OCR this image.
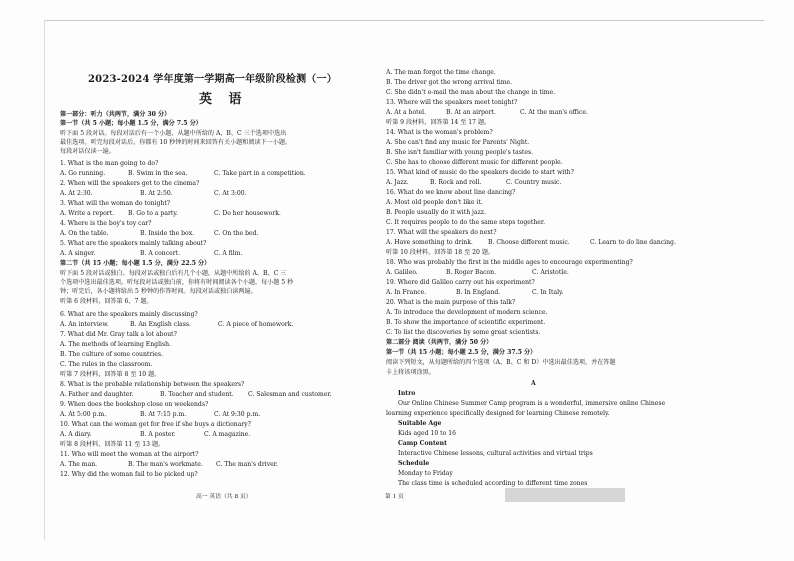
2023-2024 学年度第一学期高一年级阶段检测（一）
英 语
第一部分：听力（共两节，满分 30 分）
第一节（共 5 小题；每小题 1.5 分，满分 7.5 分）
听下面 5 段对话。每段对话后有一个小题，从题中所给的 A、B、C 三个选项中选出
最佳选项。听完每段对话后，你都有 10 秒钟的时间来回答有关小题和阅读下一小题。
每段对话仅读一遍。
1. What is the man going to do?
A. Go running.	B. Swim in the sea.	C. Take part in a competition.
2. When will the speakers get to the cinema?
A. At 2:30.	B. At 2:50.	C. At 3:00.
3. What will the woman do tonight?
A. Write a report. B. Go to a party.	C. Do her housework.
4. Where is the boy's toy car?
A. On the table.	B. Inside the box.	C. On the bed.
5. What are the speakers mainly talking about?
A. A singer.	B. A concert.	C. A film.
第二节（共 15 小题；每小题 1.5 分，满分 22.5 分）
听下面 5 段对话或独白。每段对话或独白后有几个小题，从题中所给的 A、B、C 三
个选项中选出最佳选项。听每段对话或独白前，你将有时间阅读各个小题，每小题 5 秒
钟；听完后，各小题将给出 5 秒钟的作答时间。每段对话或独白读两遍。
听第 6 段材料，回答第 6、7 题。
6. What are the speakers mainly discussing?
A. An interview.	B. An English class.	C. A piece of homework.
7. What did Mr. Gray talk a lot about?
A. The methods of learning English.
B. The culture of some countries.
C. The rules in the classroom.
听第 7 段材料，回答第 8 至 10 题。
8. What is the probable relationship between the speakers?
A. Father and daughter.	B. Teacher and student. C. Salesman and customer.
9. When does the bookshop close on weekends?
A. At 5:00 p.m.	B. At 7:15 p.m.	C. At 9:30 p.m.
10. What can the woman get for free if she buys a dictionary?
A. A diary.	B. A poster.	C. A magazine.
听第 8 段材料，回答第 11 至 13 题。
11. Who will meet the woman at the airport?
A. The man.	B. The man's workmate. C. The man's driver.
12. Why did the woman fail to be picked up?
A. The man forgot the time change.
B. The driver got the wrong arrival time.
C. She didn't e-mail the man about the change in time.
13. Where will the speakers meet tonight?
A. At a hotel.	B. At an airport.	C. At the man's office.
听第 9 段材料，回答第 14 至 17 题。
14. What is the woman's problem?
A. She can't find any music for Parents' Night.
B. She isn't familiar with young people's tastes.
C. She has to choose different music for different people.
15. What kind of music do the speakers decide to start with?
A. Jazz.	B. Rock and roll.	C. Country music.
16. What do we know about line dancing?
A. Most old people don't like it.
B. People usually do it with jazz.
C. It requires people to do the same steps together.
17. What will the speakers do next?
A. Have something to drink. B. Choose different music.	C. Learn to do line dancing.
听第 10 段材料，回答第 18 至 20 题。
18. Who was probably the first in the middle ages to encourage experimenting?
A. Galileo.	B. Roger Bacon.	C. Aristotle.
19. Where did Galileo carry out his experiment?
A. In France.	B. In England.	C. In Italy.
20. What is the main purpose of this talk?
A. To introduce the development of modern science.
B. To show the importance of scientific experiment.
C. To list the discoveries by some great scientists.
第二部分 阅读（共两节，满分 50 分）
第一节（共 15 小题；每小题 2.5 分，满分 37.5 分）
阅读下列短文，从每题所给的四个选项（A、B、C 和 D）中选出最佳选项，并在答题
卡上将该项涂黑。
A
Intro
Our Online Chinese Summer Camp program is a wonderful, immersive online Chinese
learning experience specifically designed for learning Chinese remotely.
Suitable Age
Kids aged 10 to 16
Camp Content
Interactive Chinese lessons, cultural activities and virtual trips
Schedule
Monday to Friday
The class time is scheduled according to different time zones
高一 英语（共 8 页）	第 1 页
